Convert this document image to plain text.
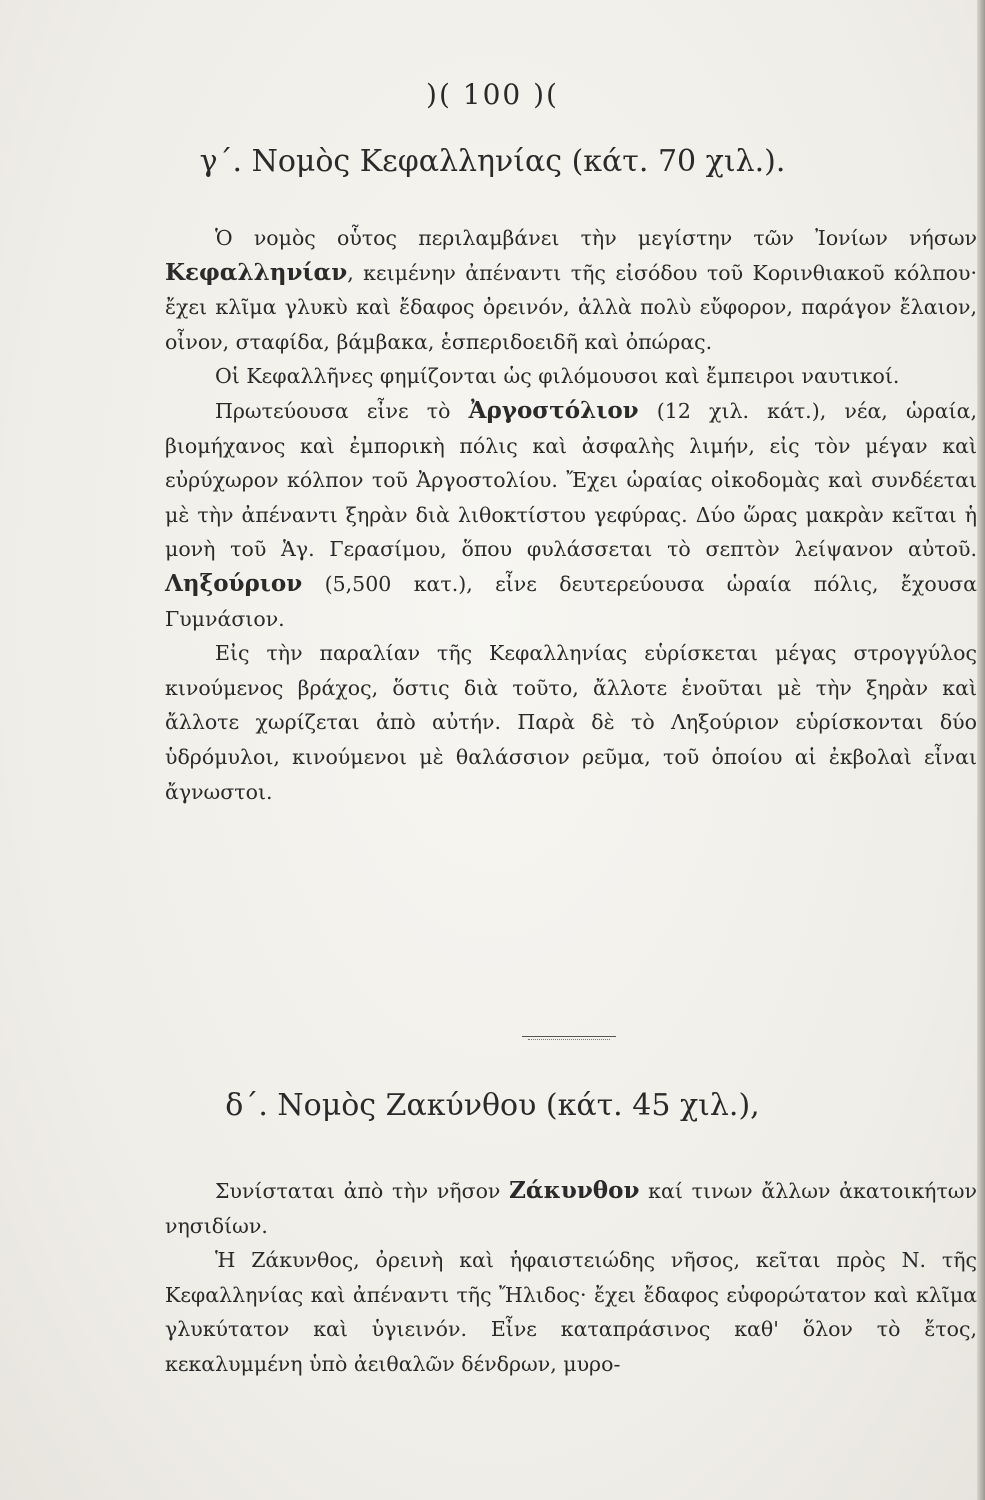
)( 100 )(
γ΄. Νομὸς Κεφαλληνίας (κάτ. 70 χιλ.).

Ὁ νομὸς οὗτος περιλαμβάνει τὴν μεγίστην τῶν Ἰονίων νήσων Κεφαλληνίαν, κειμένην ἀπέναντι τῆς εἰσόδου τοῦ Κορινθιακοῦ κόλπου· ἔχει κλῖμα γλυκὺ καὶ ἔδαφος ὀρεινόν, ἀλλὰ πολὺ εὔφορον, παράγον ἔλαιον, οἶνον, σταφίδα, βάμβακα, ἑσπεριδοειδῆ καὶ ὀπώρας.

Οἱ Κεφαλλῆνες φημίζονται ὡς φιλόμουσοι καὶ ἔμπειροι ναυτικοί.

Πρωτεύουσα εἶνε τὸ Ἀργοστόλιον (12 χιλ. κάτ.), νέα, ὡραία, βιομήχανος καὶ ἐμπορικὴ πόλις καὶ ἀσφαλὴς λιμήν, εἰς τὸν μέγαν καὶ εὐρύχωρον κόλπον τοῦ Ἀργοστολίου. Ἔχει ὡραίας οἰκοδομὰς καὶ συνδέεται μὲ τὴν ἀπέναντι ξηρὰν διὰ λιθοκτίστου γεφύρας. Δύο ὥρας μακρὰν κεῖται ἡ μονὴ τοῦ Ἁγ. Γερασίμου, ὅπου φυλάσσεται τὸ σεπτὸν λείψανον αὐτοῦ. Ληξούριον (5,500 κατ.), εἶνε δευτερεύουσα ὡραία πόλις, ἔχουσα Γυμνάσιον.

Εἰς τὴν παραλίαν τῆς Κεφαλληνίας εὑρίσκεται μέγας στρογγύλος κινούμενος βράχος, ὅστις διὰ τοῦτο, ἄλλοτε ἑνοῦται μὲ τὴν ξηρὰν καὶ ἄλλοτε χωρίζεται ἀπὸ αὐτήν. Παρὰ δὲ τὸ Ληξούριον εὑρίσκονται δύο ὑδρόμυλοι, κινούμενοι μὲ θαλάσσιον ρεῦμα, τοῦ ὁποίου αἱ ἐκβολαὶ εἶναι ἄγνωστοι.

δ΄. Νομὸς Ζακύνθου (κάτ. 45 χιλ.),

Συνίσταται ἀπὸ τὴν νῆσον Ζάκυνθον καί τινων ἄλλων ἀκατοικήτων νησιδίων.

Ἡ Ζάκυνθος, ὀρεινὴ καὶ ἡφαιστειώδης νῆσος, κεῖται πρὸς Ν. τῆς Κεφαλληνίας καὶ ἀπέναντι τῆς Ἤλιδος· ἔχει ἔδαφος εὐφορώτατον καὶ κλῖμα γλυκύτατον καὶ ὑγιεινόν. Εἶνε καταπράσινος καθ' ὅλον τὸ ἔτος, κεκαλυμμένη ὑπὸ ἀειθαλῶν δένδρων, μυρο-
